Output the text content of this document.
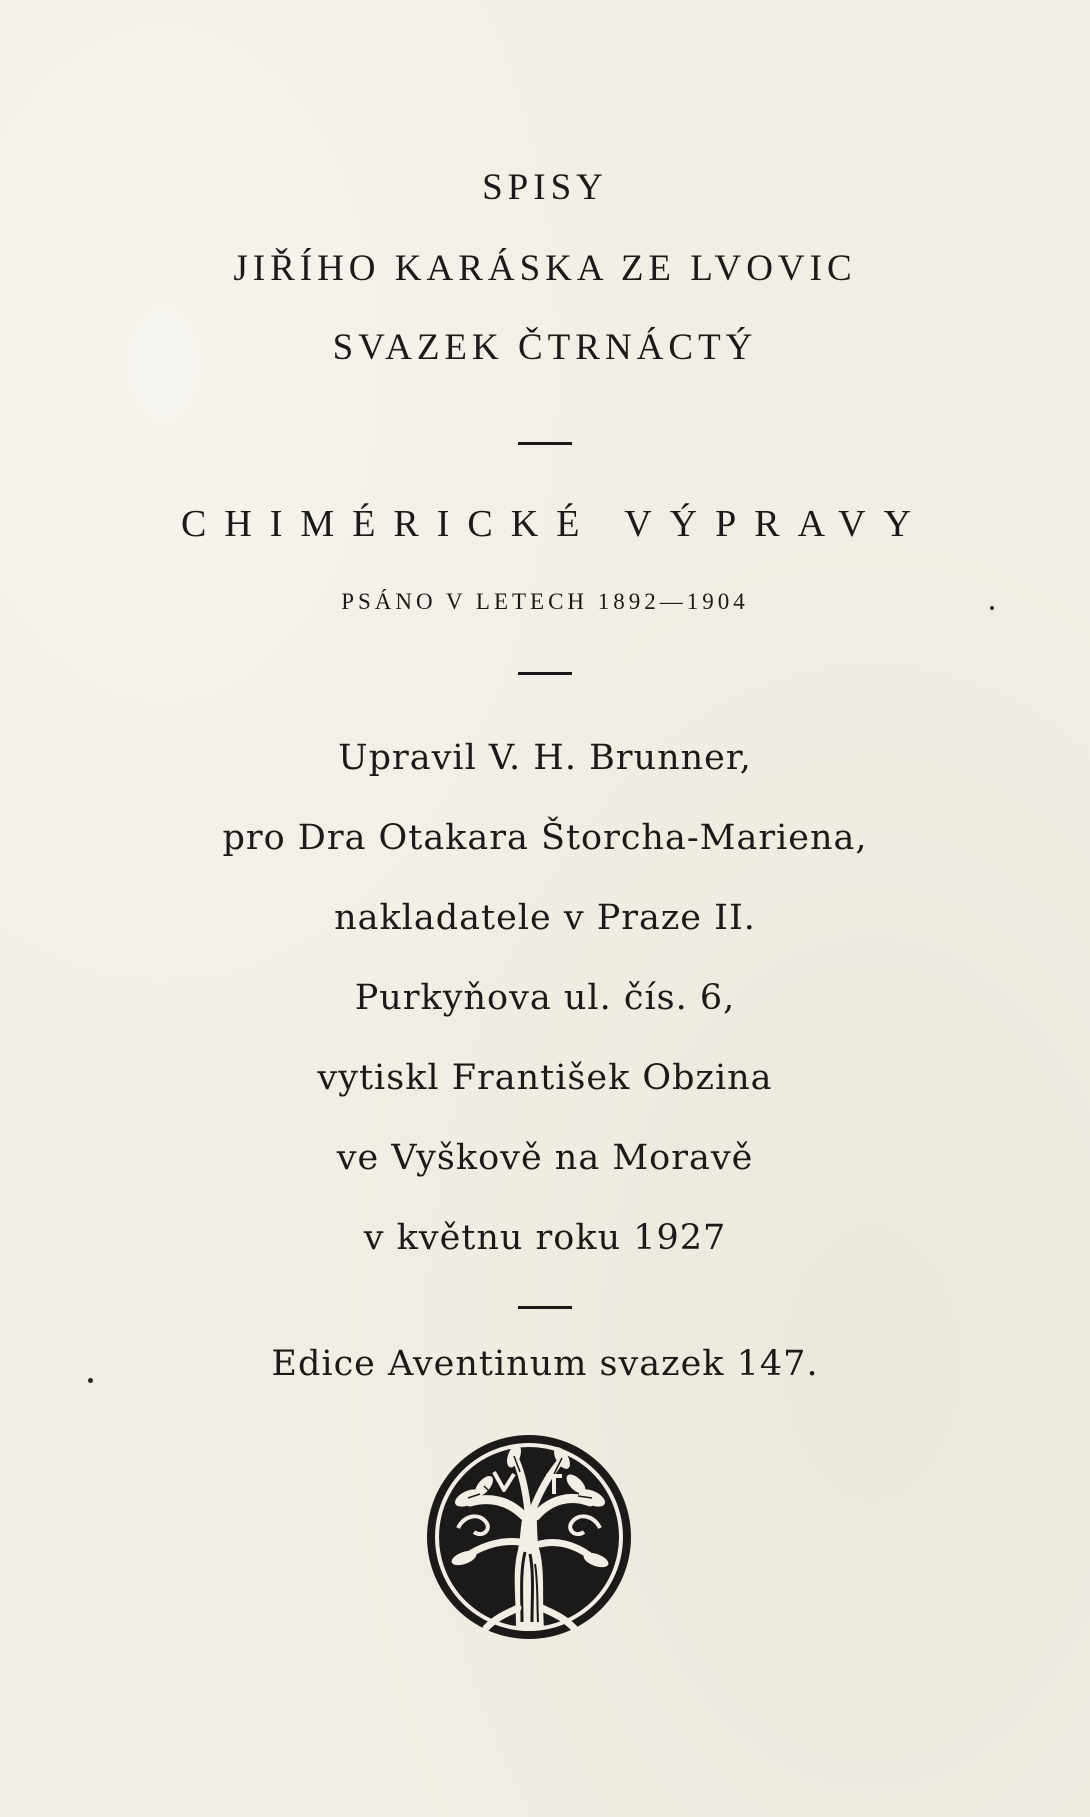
SPISY
JIŘÍHO KARÁSKA ZE LVOVIC
SVAZEK ČTRNÁCTÝ
CHIMÉRICKÉ VÝPRAVY
PSÁNO V LETECH 1892—1904
Upravil V. H. Brunner,
pro Dra Otakara Štorcha-Mariena,
nakladatele v Praze II.
Purkyňova ul. čís. 6,
vytiskl František Obzina
ve Vyškově na Moravě
v květnu roku 1927
Edice Aventinum svazek 147.
